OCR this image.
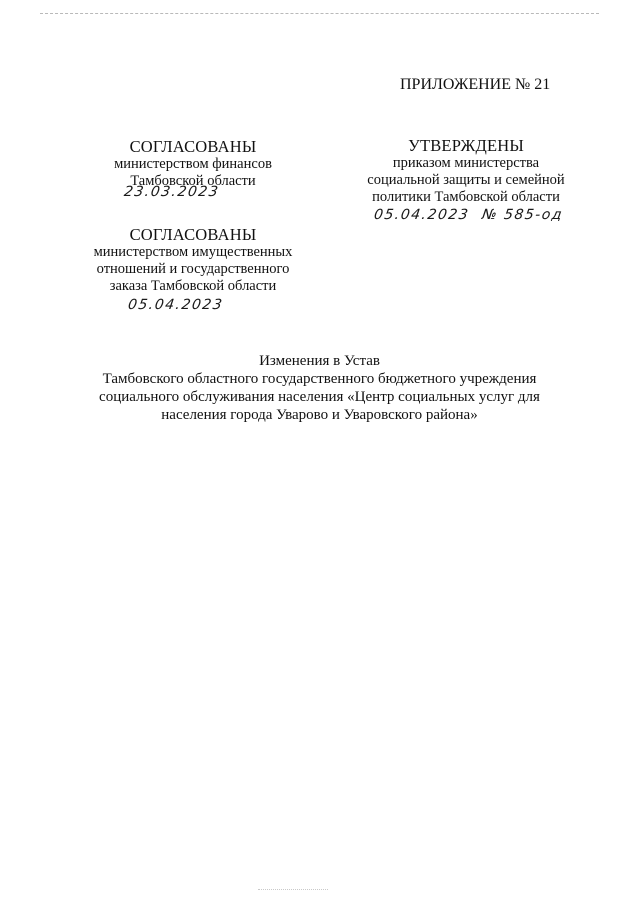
ПРИЛОЖЕНИЕ № 21
СОГЛАСОВАНЫ
министерством финансов
Тамбовской области
23.03.2023
СОГЛАСОВАНЫ
министерством имущественных
отношений и государственного
заказа Тамбовской области
05.04.2023
УТВЕРЖДЕНЫ
приказом министерства
социальной защиты и семейной
политики Тамбовской области
05.04.2023 № 585-од
Изменения в Устав
Тамбовского областного государственного бюджетного учреждения
социального обслуживания населения «Центр социальных услуг для
населения города Уварово и Уваровского района»
